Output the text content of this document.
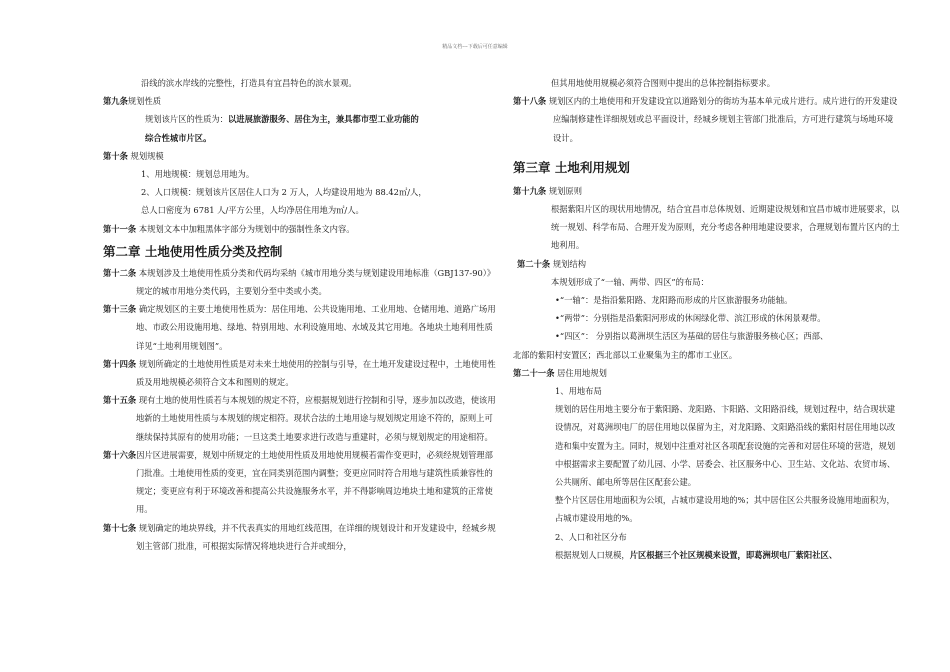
精品文档---下载后可任意编辑

沿线的滨水岸线的完整性，打造具有宜昌特色的滨水景观。

第九条规划性质

规划该片区的性质为：以进展旅游服务、居住为主，兼具都市型工业功能的

综合性城市片区。

第十条 规划规模

1、用地规模：规划总用地为。

2、人口规模：规划该片区居住人口为 2 万人，人均建设用地为 88.42㎡/人，

总人口密度为 6781 人/平方公里，人均净居住用地为㎡/人。

第十一条 本规划文本中加粗黑体字部分为规划中的强制性条文内容。

第二章 土地使用性质分类及控制

第十二条 本规划涉及土地使用性质分类和代码均采纳《城市用地分类与规划建设用地标准（GBJ137-90）》规定的城市用地分类代码，主要划分至中类或小类。

第十三条 确定规划区的主要土地使用性质为：居住用地、公共设施用地、工业用地、仓储用地、道路广场用地、市政公用设施用地、绿地、特别用地、水利设施用地、水域及其它用地。各地块土地利用性质详见“土地利用规划图”。

第十四条 规划所确定的土地使用性质是对未来土地使用的控制与引导，在土地开发建设过程中，土地使用性质及用地规模必须符合文本和图则的规定。

第十五条 现有土地的使用性质若与本规划的规定不符，应根据规划进行控制和引导，逐步加以改造，使该用地新的土地使用性质与本规划的规定相符。现状合法的土地用途与规划规定用途不符的，原则上可继续保持其原有的使用功能；一旦这类土地要求进行改造与重建时，必须与规划规定的用途相符。

第十六条因片区进展需要，规划中所规定的土地使用性质及用地使用规模若需作变更时，必须经规划管理部门批准。土地使用性质的变更，宜在同类别范围内调整；变更应同时符合用地与建筑性质兼容性的规定；变更应有利于环境改善和提高公共设施服务水平，并不得影响周边地块土地和建筑的正常使用。

第十七条 规划确定的地块界线，并不代表真实的用地红线范围，在详细的规划设计和开发建设中，经城乡规划主管部门批准，可根据实际情况将地块进行合并或细分，

但其用地使用规模必须符合图则中提出的总体控制指标要求。

第十八条 规划区内的土地使用和开发建设宜以道路划分的街坊为基本单元成片进行。成片进行的开发建设应编制修建性详细规划或总平面设计，经城乡规划主管部门批准后，方可进行建筑与场地环境设计。

第三章 土地利用规划

第十九条 规划原则

根据紫阳片区的现状用地情况，结合宜昌市总体规划、近期建设规划和宜昌市城市进展要求，以统一规划、科学布局、合理开发为原则，充分考虑各种用地建设要求，合理规划布置片区内的土地利用。

第二十条 规划结构

本规划形成了“一轴、两带、四区”的布局：

•“一轴”：是指沿紫阳路、龙阳路而形成的片区旅游服务功能轴。

•“两带”：分别指是沿紫阳河形成的休闲绿化带、滨江形成的休闲景观带。

•“四区”： 分别指以葛洲坝生活区为基础的居住与旅游服务核心区；西部、

北部的紫阳村安置区；西北部以工业聚集为主的都市工业区。

第二十一条 居住用地规划

1、用地布局

规划的居住用地主要分布于紫阳路、龙阳路、卞阳路、文阳路沿线，规划过程中，结合现状建设情况，对葛洲坝电厂的居住用地以保留为主，对龙阳路、文阳路沿线的紫阳村居住用地以改造和集中安置为主。同时，规划中注重对社区各项配套设施的完善和对居住环境的营造，规划中根据需求主要配置了幼儿园、小学、居委会、社区服务中心、卫生站、文化站、农贸市场、公共厕所、邮电所等居住区配套公建。

整个片区居住用地面积为公顷，占城市建设用地的%；其中居住区公共服务设施用地面积为，占城市建设用地的%。

2、人口和社区分布

根据规划人口规模，片区根据三个社区规模来设置，即葛洲坝电厂紫阳社区、
